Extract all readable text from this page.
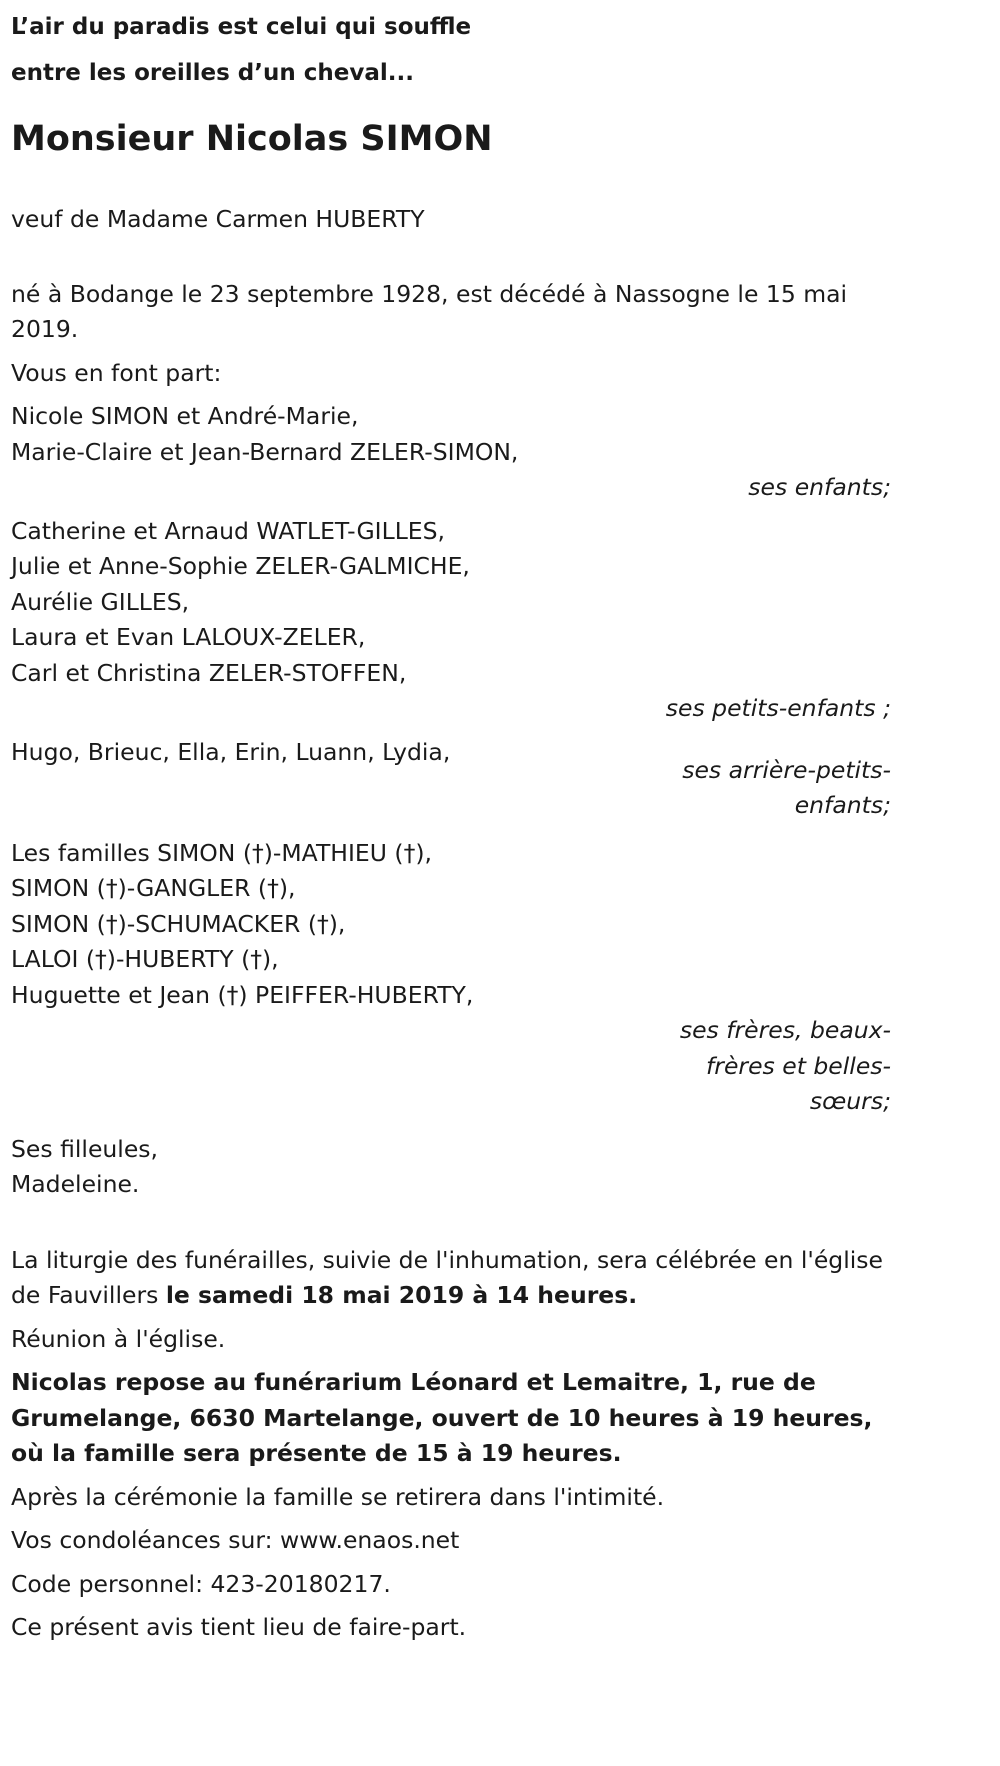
L’air du paradis est celui qui souffle
entre les oreilles d’un cheval...
Monsieur Nicolas SIMON

veuf de Madame Carmen HUBERTY

né à Bodange le 23 septembre 1928, est décédé à Nassogne le 15 mai 2019.

Vous en font part:

Nicole SIMON et André-Marie,
Marie-Claire et Jean-Bernard ZELER-SIMON,
ses enfants;
Catherine et Arnaud WATLET-GILLES,
Julie et Anne-Sophie ZELER-GALMICHE,
Aurélie GILLES,
Laura et Evan LALOUX-ZELER,
Carl et Christina ZELER-STOFFEN,
ses petits-enfants ;
Hugo, Brieuc, Ella, Erin, Luann, Lydia,
ses arrière-petits-enfants;
Les familles SIMON (†)-MATHIEU (†),
SIMON (†)-GANGLER (†),
SIMON (†)-SCHUMACKER (†),
LALOI (†)-HUBERTY (†),
Huguette et Jean (†) PEIFFER-HUBERTY,
ses frères, beaux-frères et belles-sœurs;
Ses filleules,
Madeleine.

La liturgie des funérailles, suivie de l'inhumation, sera célébrée en l'église de Fauvillers le samedi 18 mai 2019 à 14 heures.

Réunion à l'église.

Nicolas repose au funérarium Léonard et Lemaitre, 1, rue de Grumelange, 6630 Martelange, ouvert de 10 heures à 19 heures, où la famille sera présente de 15 à 19 heures.

Après la cérémonie la famille se retirera dans l'intimité.

Vos condoléances sur: www.enaos.net

Code personnel: 423-20180217.

Ce présent avis tient lieu de faire-part.
